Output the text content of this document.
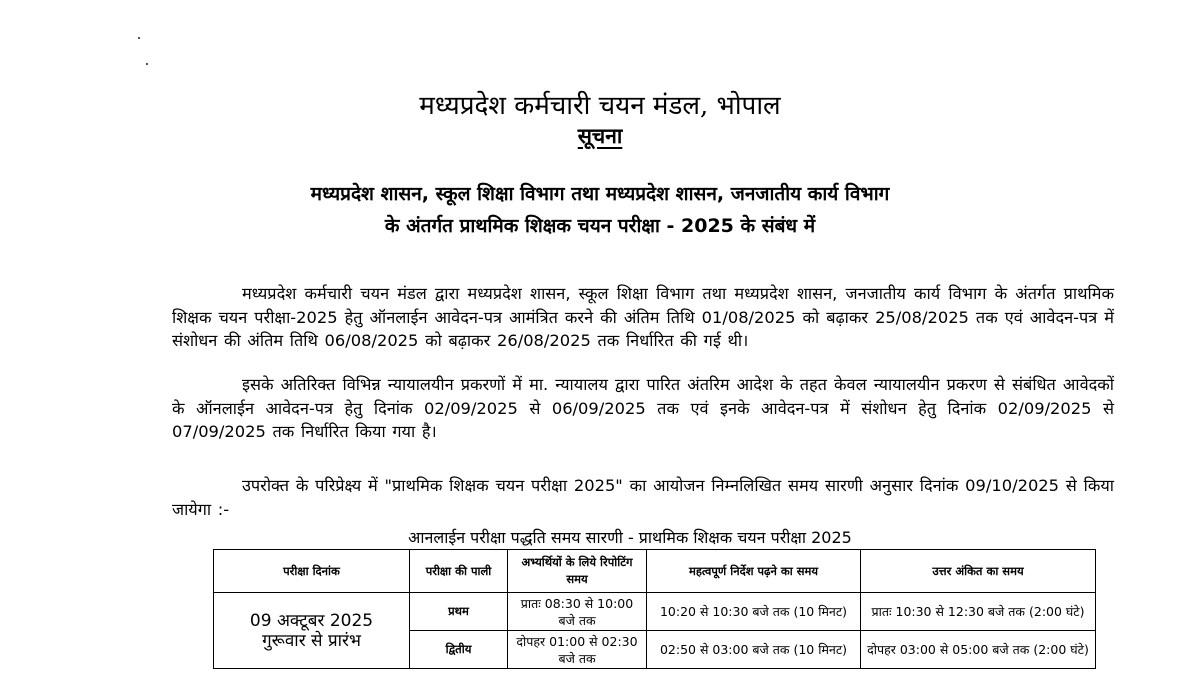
मध्यप्रदेश कर्मचारी चयन मंडल, भोपाल
सूचना
मध्यप्रदेश शासन, स्कूल शिक्षा विभाग तथा मध्यप्रदेश शासन, जनजातीय कार्य विभाग
के अंतर्गत प्राथमिक शिक्षक चयन परीक्षा - 2025 के संबंध में
मध्यप्रदेश कर्मचारी चयन मंडल द्वारा मध्यप्रदेश शासन, स्कूल शिक्षा विभाग तथा मध्यप्रदेश शासन, जनजातीय कार्य विभाग के अंतर्गत प्राथमिक शिक्षक चयन परीक्षा-2025 हेतु ऑनलाईन आवेदन-पत्र आमंत्रित करने की अंतिम तिथि 01/08/2025 को बढ़ाकर 25/08/2025 तक एवं आवेदन-पत्र में संशोधन की अंतिम तिथि 06/08/2025 को बढ़ाकर 26/08/2025 तक निर्धारित की गई थी।
इसके अतिरिक्त विभिन्न न्यायालयीन प्रकरणों में मा. न्यायालय द्वारा पारित अंतरिम आदेश के तहत केवल न्यायालयीन प्रकरण से संबंधित आवेदकों के ऑनलाईन आवेदन-पत्र हेतु दिनांक 02/09/2025 से 06/09/2025 तक एवं इनके आवेदन-पत्र में संशोधन हेतु दिनांक 02/09/2025 से 07/09/2025 तक निर्धारित किया गया है।
उपरोक्त के परिप्रेक्ष्य में "प्राथमिक शिक्षक चयन परीक्षा 2025" का आयोजन निम्नलिखित समय सारणी अनुसार दिनांक 09/10/2025 से किया जायेगा :-
आनलाईन परीक्षा पद्धति समय सारणी - प्राथमिक शिक्षक चयन परीक्षा 2025
परीक्षा दिनांक	परीक्षा की पाली	अभ्यर्थियों के लिये रिपोटिंग समय	महत्वपूर्ण निर्देश पढ़ने का समय	उत्तर अंकित का समय

09 अक्टूबर 2025
गुरूवार से प्रारंभ	प्रथम	प्रातः 08:30 से 10:00 बजे तक	10:20 से 10:30 बजे तक (10 मिनट)	प्रातः 10:30 से 12:30 बजे तक (2:00 घंटे)
	द्वितीय	दोपहर 01:00 से 02:30 बजे तक	02:50 से 03:00 बजे तक (10 मिनट)	दोपहर 03:00 से 05:00 बजे तक (2:00 घंटे)
